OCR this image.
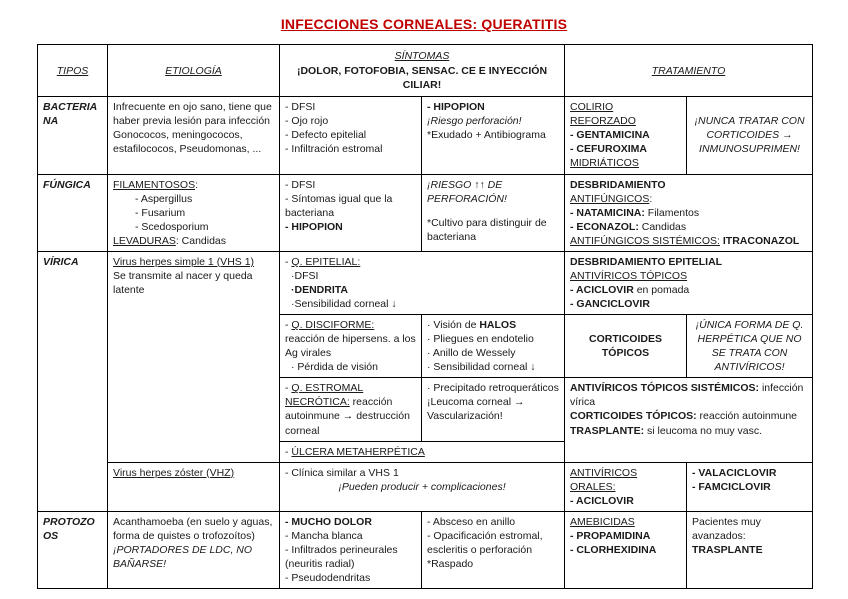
INFECCIONES CORNEALES: QUERATITIS
TIPOS	ETIOLOGÍA	SÍNTOMAS
¡DOLOR, FOTOFOBIA, SENSAC. CE E INYECCIÓN CILIAR!		TRATAMIENTO	
BACTERIANA	Infrecuente en ojo sano, tiene que haber previa lesión para infección Gonococos, meningococos, estafilococos, Pseudomonas, ...	- DFSI
- Ojo rojo
- Defecto epitelial
- Infiltración estromal	- HIPOPION
¡Riesgo perforación!
*Exudado + Antibiograma	COLIRIO REFORZADO
- GENTAMICINA
- CEFUROXIMA
MIDRIÁTICOS	¡NUNCA TRATAR CON CORTICOIDES → INMUNOSUPRIMEN!
FÚNGICA	FILAMENTOSOS:
- Aspergillus
- Fusarium
- Scedosporium
LEVADURAS: Candidas	- DFSI
- Síntomas igual que la bacteriana
- HIPOPION	¡RIESGO ↑↑ DE PERFORACIÓN!
*Cultivo para distinguir de bacteriana	DESBRIDAMIENTO
ANTIFÚNGICOS:
- NATAMICINA: Filamentos
- ECONAZOL: Candidas
ANTIFÚNGICOS SISTÉMICOS: ITRACONAZOL	

VÍRICA	Virus herpes simple 1 (VHS 1)
Se transmite al nacer y queda latente	- Q. EPITELIAL:
·DFSI
·DENDRITA
·Sensibilidad corneal ↓		DESBRIDAMIENTO EPITELIAL
ANTIVÍRICOS TÓPICOS
- ACICLOVIR en pomada
- GANCICLOVIR	

		- Q. DISCIFORME: reacción de hipersens. a los Ag virales
· Pérdida de visión	· Visión de HALOS
· Pliegues en endotelio
· Anillo de Wessely
· Sensibilidad corneal ↓	CORTICOIDES TÓPICOS	¡ÚNICA FORMA DE Q. HERPÉTICA QUE NO SE TRATA CON ANTIVÍRICOS!

		- Q. ESTROMAL NECRÓTICA: reacción autoinmune → destrucción corneal	· Precipitado retroqueráticos
¡Leucoma corneal →
Vascularización!	ANTIVÍRICOS TÓPICOS SISTÉMICOS: infección vírica
CORTICOIDES TÓPICOS: reacción autoinmune
TRASPLANTE: si leucoma no muy vasc.	

		- ÚLCERA METAHERPÉTICA			

	Virus herpes zóster (VHZ)	- Clínica similar a VHS 1
¡Pueden producir + complicaciones!		ANTIVÍRICOS ORALES:
- ACICLOVIR	- VALACICLOVIR
- FAMCICLOVIR

PROTOZOOS	Acanthamoeba (en suelo y aguas, forma de quistes o trofozoítos)
¡PORTADORES DE LDC, NO BAÑARSE!	- MUCHO DOLOR
- Mancha blanca
- Infiltrados perineurales (neuritis radial)
- Pseudodendritas	- Absceso en anillo
- Opacificación estromal, escleritis o perforación
*Raspado	AMEBICIDAS
- PROPAMIDINA
- CLORHEXIDINA	Pacientes muy avanzados: TRASPLANTE
